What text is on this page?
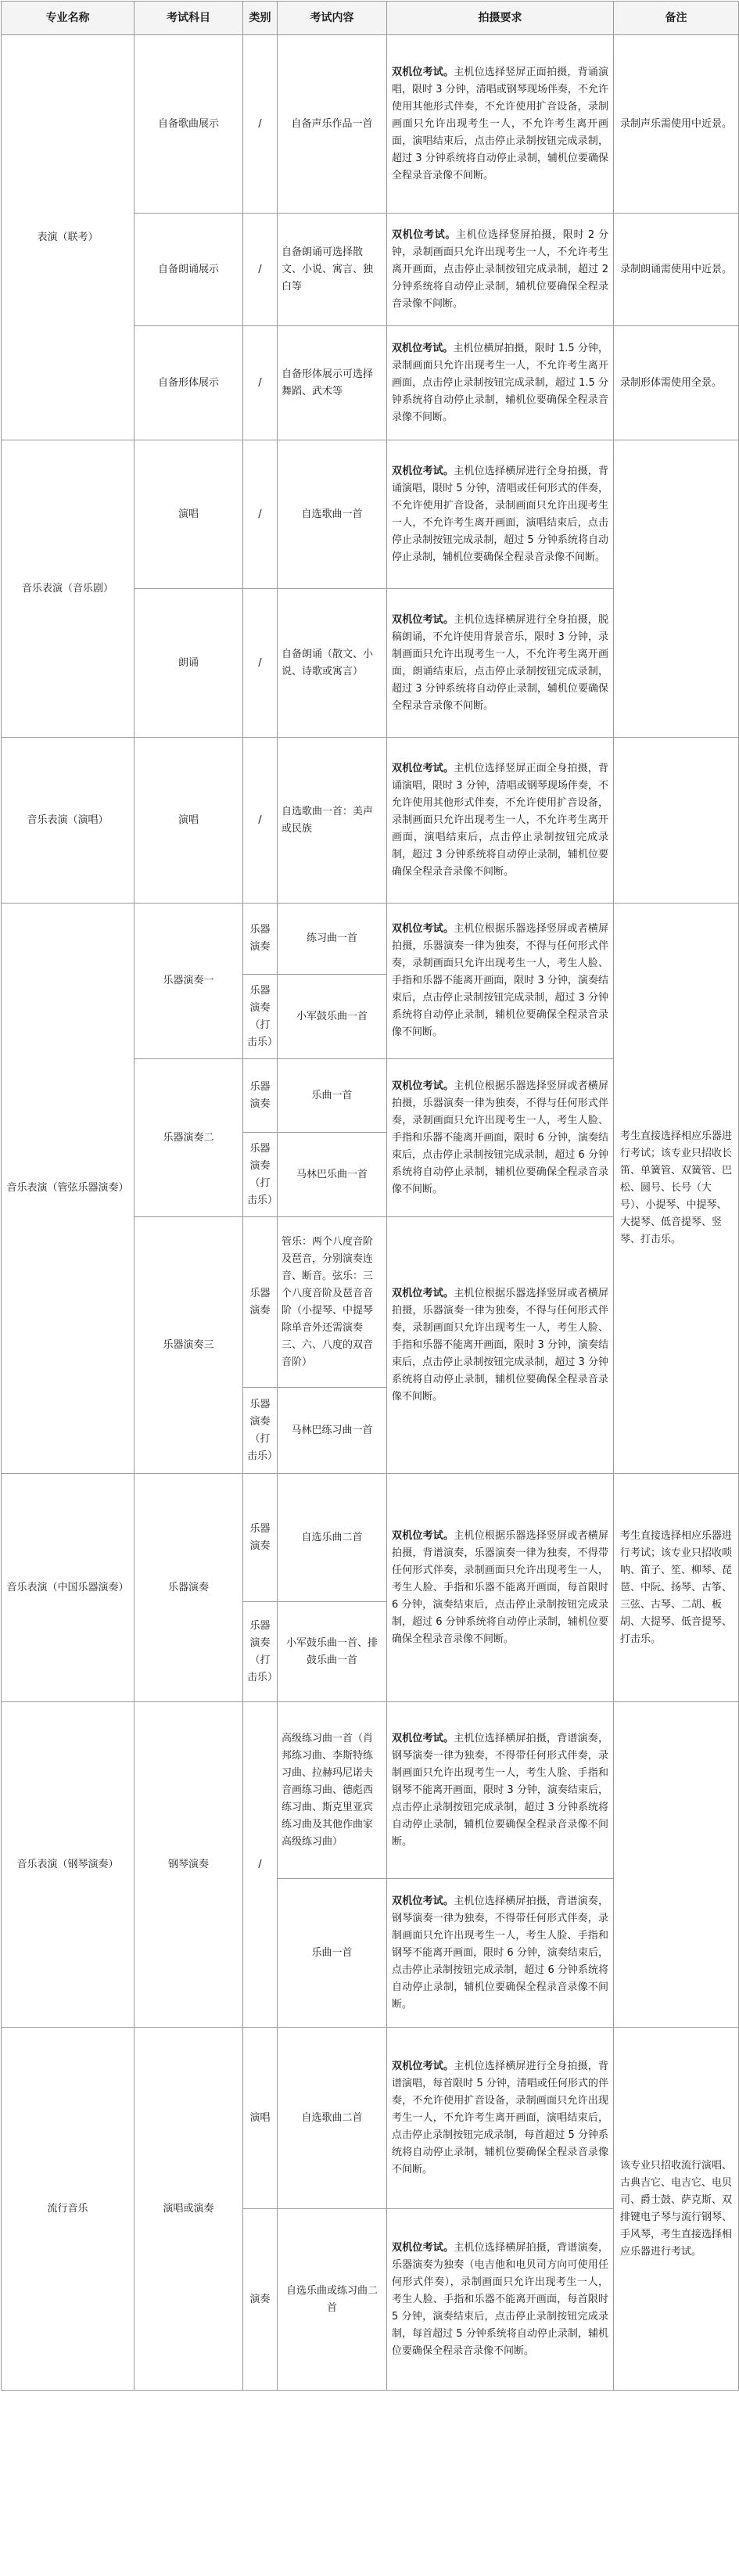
专业名称	考试科目	类别	考试内容	拍摄要求	备注
表演（联考）	自备歌曲展示	/	自备声乐作品一首	双机位考试。主机位选择竖屏正面拍摄，背诵演唱，限时 3 分钟，清唱或钢琴现场伴奏，不允许使用其他形式伴奏，不允许使用扩音设备，录制画面只允许出现考生一人，不允许考生离开画面，演唱结束后，点击停止录制按钮完成录制，超过 3 分钟系统将自动停止录制，辅机位要确保全程录音录像不间断。	录制声乐需使用中近景。
	自备朗诵展示	/	自备朗诵可选择散文、小说、寓言、独白等	双机位考试。主机位选择竖屏拍摄，限时 2 分钟，录制画面只允许出现考生一人，不允许考生离开画面，点击停止录制按钮完成录制，超过 2 分钟系统将自动停止录制，辅机位要确保全程录音录像不间断。	录制朗诵需使用中近景。
	自备形体展示	/	自备形体展示可选择舞蹈、武术等	双机位考试。主机位横屏拍摄，限时 1.5 分钟，录制画面只允许出现考生一人，不允许考生离开画面，点击停止录制按钮完成录制，超过 1.5 分钟系统将自动停止录制，辅机位要确保全程录音录像不间断。	录制形体需使用全景。
音乐表演（音乐剧）	演唱	/	自选歌曲一首	双机位考试。主机位选择横屏进行全身拍摄，背诵演唱，限时 5 分钟，清唱或任何形式的伴奏，不允许使用扩音设备，录制画面只允许出现考生一人，不允许考生离开画面，演唱结束后，点击停止录制按钮完成录制，超过 5 分钟系统将自动停止录制，辅机位要确保全程录音录像不间断。	
	朗诵	/	自备朗诵（散文、小说、诗歌或寓言）	双机位考试。主机位选择横屏进行全身拍摄，脱稿朗诵，不允许使用背景音乐，限时 3 分钟，录制画面只允许出现考生一人，不允许考生离开画面，朗诵结束后，点击停止录制按钮完成录制，超过 3 分钟系统将自动停止录制，辅机位要确保全程录音录像不间断。	
音乐表演（演唱）	演唱	/	自选歌曲一首：美声或民族	双机位考试。主机位选择竖屏正面全身拍摄，背诵演唱，限时 3 分钟，清唱或钢琴现场伴奏，不允许使用其他形式伴奏，不允许使用扩音设备，录制画面只允许出现考生一人，不允许考生离开画面，演唱结束后，点击停止录制按钮完成录制，超过 3 分钟系统将自动停止录制，辅机位要确保全程录音录像不间断。	
音乐表演（管弦乐器演奏）	乐器演奏一	乐器演奏	练习曲一首	双机位考试。主机位根据乐器选择竖屏或者横屏拍摄，乐器演奏一律为独奏，不得与任何形式伴奏，录制画面只允许出现考生一人，考生人脸、手指和乐器不能离开画面，限时 3 分钟，演奏结束后，点击停止录制按钮完成录制，超过 3 分钟系统将自动停止录制，辅机位要确保全程录音录像不间断。	考生直接选择相应乐器进行考试；该专业只招收长笛、单簧管、双簧管、巴松、圆号、长号（大号）、小提琴、中提琴、大提琴、低音提琴、竖琴、打击乐。
		乐器演奏（打击乐）	小军鼓乐曲一首		
	乐器演奏二	乐器演奏	乐曲一首	双机位考试。主机位根据乐器选择竖屏或者横屏拍摄，乐器演奏一律为独奏，不得与任何形式伴奏，录制画面只允许出现考生一人，考生人脸、手指和乐器不能离开画面，限时 6 分钟，演奏结束后，点击停止录制按钮完成录制，超过 6 分钟系统将自动停止录制，辅机位要确保全程录音录像不间断。	
		乐器演奏（打击乐）	马林巴乐曲一首		
	乐器演奏三	乐器演奏	管乐：两个八度音阶及琶音，分别演奏连音、断音。弦乐：三个八度音阶及琶音音阶（小提琴、中提琴除单音外还需演奏三、六、八度的双音音阶）	双机位考试。主机位根据乐器选择竖屏或者横屏拍摄，乐器演奏一律为独奏，不得与任何形式伴奏，录制画面只允许出现考生一人，考生人脸、手指和乐器不能离开画面，限时 3 分钟，演奏结束后，点击停止录制按钮完成录制，超过 3 分钟系统将自动停止录制，辅机位要确保全程录音录像不间断。	
		乐器演奏（打击乐）	马林巴练习曲一首		
音乐表演（中国乐器演奏）	乐器演奏	乐器演奏	自选乐曲二首	双机位考试。主机位根据乐器选择竖屏或者横屏拍摄，背谱演奏，乐器演奏一律为独奏，不得带任何形式伴奏，录制画面只允许出现考生一人，考生人脸、手指和乐器不能离开画面，每首限时 6 分钟，演奏结束后，点击停止录制按钮完成录制，超过 6 分钟系统将自动停止录制，辅机位要确保全程录音录像不间断。	考生直接选择相应乐器进行考试；该专业只招收唢呐、笛子、笙、柳琴、琵琶、中阮、扬琴、古筝、三弦、古琴、二胡、板胡、大提琴、低音提琴、打击乐。
		乐器演奏（打击乐）	小军鼓乐曲一首、排鼓乐曲一首		
音乐表演（钢琴演奏）	钢琴演奏	/	高级练习曲一首（肖邦练习曲、李斯特练习曲、拉赫玛尼诺夫音画练习曲、德彪西练习曲、斯克里亚宾练习曲及其他作曲家高级练习曲）	双机位考试。主机位选择横屏拍摄，背谱演奏，钢琴演奏一律为独奏，不得带任何形式伴奏，录制画面只允许出现考生一人，考生人脸、手指和钢琴不能离开画面，限时 3 分钟，演奏结束后，点击停止录制按钮完成录制，超过 3 分钟系统将自动停止录制，辅机位要确保全程录音录像不间断。	
			乐曲一首	双机位考试。主机位选择横屏拍摄，背谱演奏，钢琴演奏一律为独奏，不得带任何形式伴奏，录制画面只允许出现考生一人，考生人脸、手指和钢琴不能离开画面，限时 6 分钟，演奏结束后，点击停止录制按钮完成录制，超过 6 分钟系统将自动停止录制，辅机位要确保全程录音录像不间断。	
流行音乐	演唱或演奏	演唱	自选歌曲二首	双机位考试。主机位选择横屏进行全身拍摄，背谱演唱，每首限时 5 分钟，清唱或任何形式的伴奏，不允许使用扩音设备，录制画面只允许出现考生一人，不允许考生离开画面，演唱结束后，点击停止录制按钮完成录制，每首超过 5 分钟系统将自动停止录制，辅机位要确保全程录音录像不间断。	该专业只招收流行演唱、古典吉它、电吉它、电贝司、爵士鼓、萨克斯、双排键电子琴与流行钢琴、手风琴，考生直接选择相应乐器进行考试。
		演奏	自选乐曲或练习曲二首	双机位考试。主机位选择横屏拍摄，背谱演奏，乐器演奏为独奏（电吉他和电贝司方向可使用任何形式伴奏），录制画面只允许出现考生一人，考生人脸、手指和乐器不能离开画面，每首限时 5 分钟，演奏结束后，点击停止录制按钮完成录制，每首超过 5 分钟系统将自动停止录制，辅机位要确保全程录音录像不间断。	
